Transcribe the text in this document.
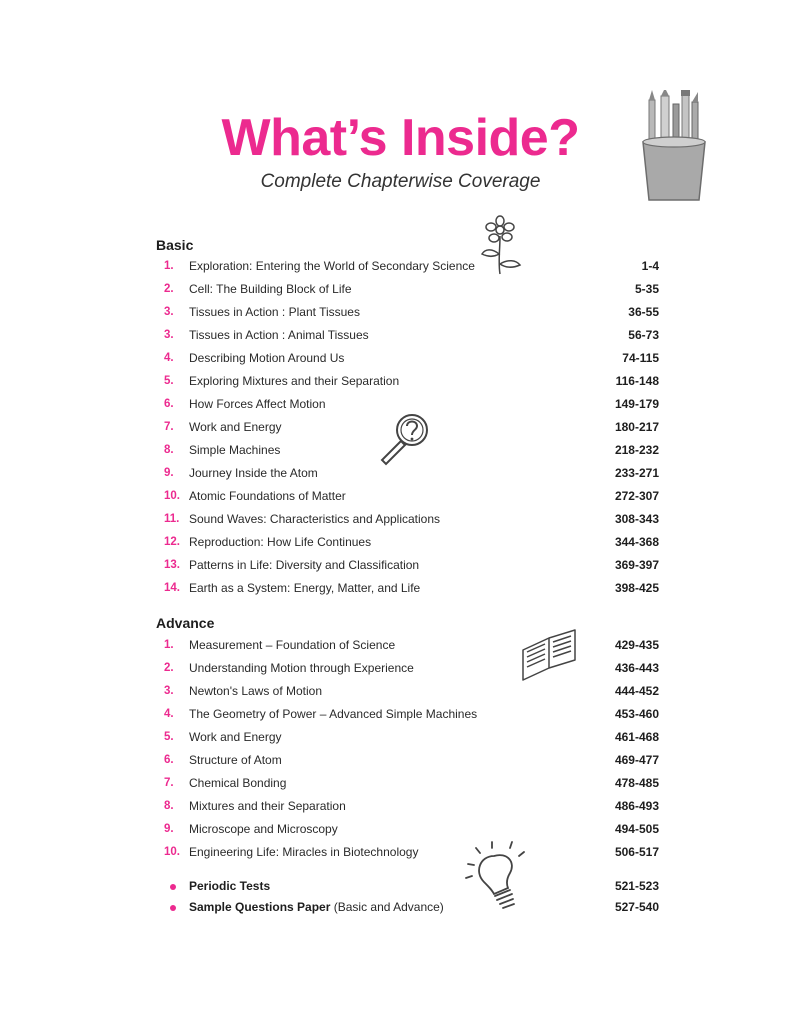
What’s Inside?
Complete Chapterwise Coverage
Basic
1.	Exploration: Entering the World of Secondary Science	1-4
2.	Cell: The Building Block of Life	5-35
3.	Tissues in Action : Plant Tissues	36-55
3.	Tissues in Action : Animal Tissues	56-73
4.	Describing Motion Around Us	74-115
5.	Exploring Mixtures and their Separation	116-148
6.	How Forces Affect Motion	149-179
7.	Work and Energy	180-217
8.	Simple Machines	218-232
9.	Journey Inside the Atom	233-271
10. Atomic Foundations of Matter	272-307
11. Sound Waves: Characteristics and Applications	308-343
12. Reproduction: How Life Continues	344-368
13. Patterns in Life: Diversity and Classification	369-397
14. Earth as a System: Energy, Matter, and Life	398-425
Advance
1.	Measurement – Foundation of Science	429-435
2.	Understanding Motion through Experience	436-443
3.	Newton's Laws of Motion	444-452
4.	The Geometry of Power – Advanced Simple Machines	453-460
5.	Work and Energy	461-468
6.	Structure of Atom	469-477
7.	Chemical Bonding	478-485
8.	Mixtures and their Separation	486-493
9.	Microscope and Microscopy	494-505
10. Engineering Life: Miracles in Biotechnology	506-517
Periodic Tests	521-523
Sample Questions Paper (Basic and Advance)	527-540
